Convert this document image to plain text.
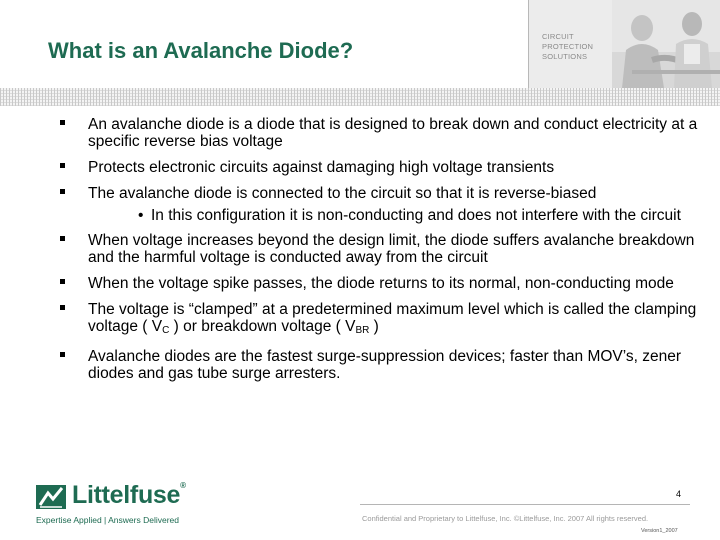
What is an Avalanche Diode?
CIRCUIT PROTECTION SOLUTIONS
An avalanche diode is a diode that is designed to break down and conduct electricity at a specific reverse bias voltage
Protects electronic circuits against damaging high voltage transients
The avalanche diode is connected to the circuit so that it is reverse-biased
• In this configuration it is non-conducting and does not interfere with the circuit
When voltage increases beyond the design limit, the diode suffers avalanche breakdown and the harmful voltage is conducted away from the circuit
When the voltage spike passes, the diode returns to its normal, non-conducting mode
The voltage is “clamped” at a predetermined maximum level which is called the clamping voltage ( $V_C$ ) or breakdown voltage ( $V_{BR}$ )
Avalanche diodes are the fastest surge-suppression devices; faster than MOV’s, zener diodes and gas tube surge arresters.
4
Littelfuse®
Expertise Applied | Answers Delivered	Confidential and Proprietary to Littelfuse, Inc. ©Littelfuse, Inc. 2007 All rights reserved.
Version1_2007
